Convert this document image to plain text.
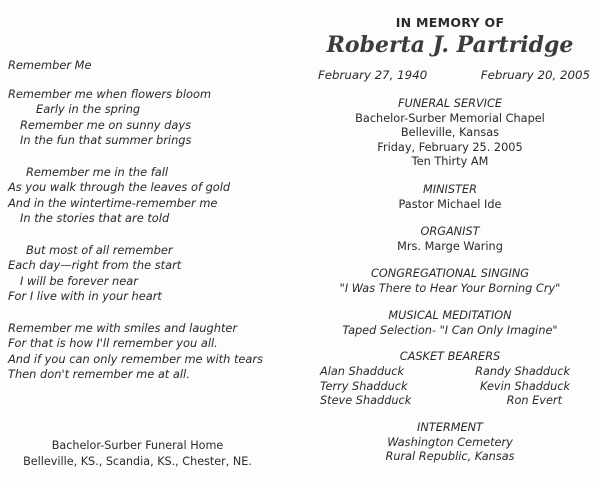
Remember Me
Remember me when flowers bloom
Early in the spring
Remember me on sunny days
In the fun that summer brings
Remember me in the fall
As you walk through the leaves of gold
And in the wintertime-remember me
In the stories that are told
But most of all remember
Each day—right from the start
I will be forever near
For I live with in your heart
Remember me with smiles and laughter
For that is how I'll remember you all.
And if you can only remember me with tears
Then don't remember me at all.
Bachelor-Surber Funeral Home
Belleville, KS., Scandia, KS., Chester, NE.
IN MEMORY OF
Roberta J. Partridge
February 27, 1940	February 20, 2005
FUNERAL SERVICE
Bachelor-Surber Memorial Chapel
Belleville, Kansas
Friday, February 25. 2005
Ten Thirty AM
MINISTER
Pastor Michael Ide
ORGANIST
Mrs. Marge Waring
CONGREGATIONAL SINGING
"I Was There to Hear Your Borning Cry"
MUSICAL MEDITATION
Taped Selection- "I Can Only Imagine"
CASKET BEARERS
Alan Shadduck	Randy Shadduck
Terry Shadduck	Kevin Shadduck
Steve Shadduck	Ron Evert
INTERMENT
Washington Cemetery
Rural Republic, Kansas
